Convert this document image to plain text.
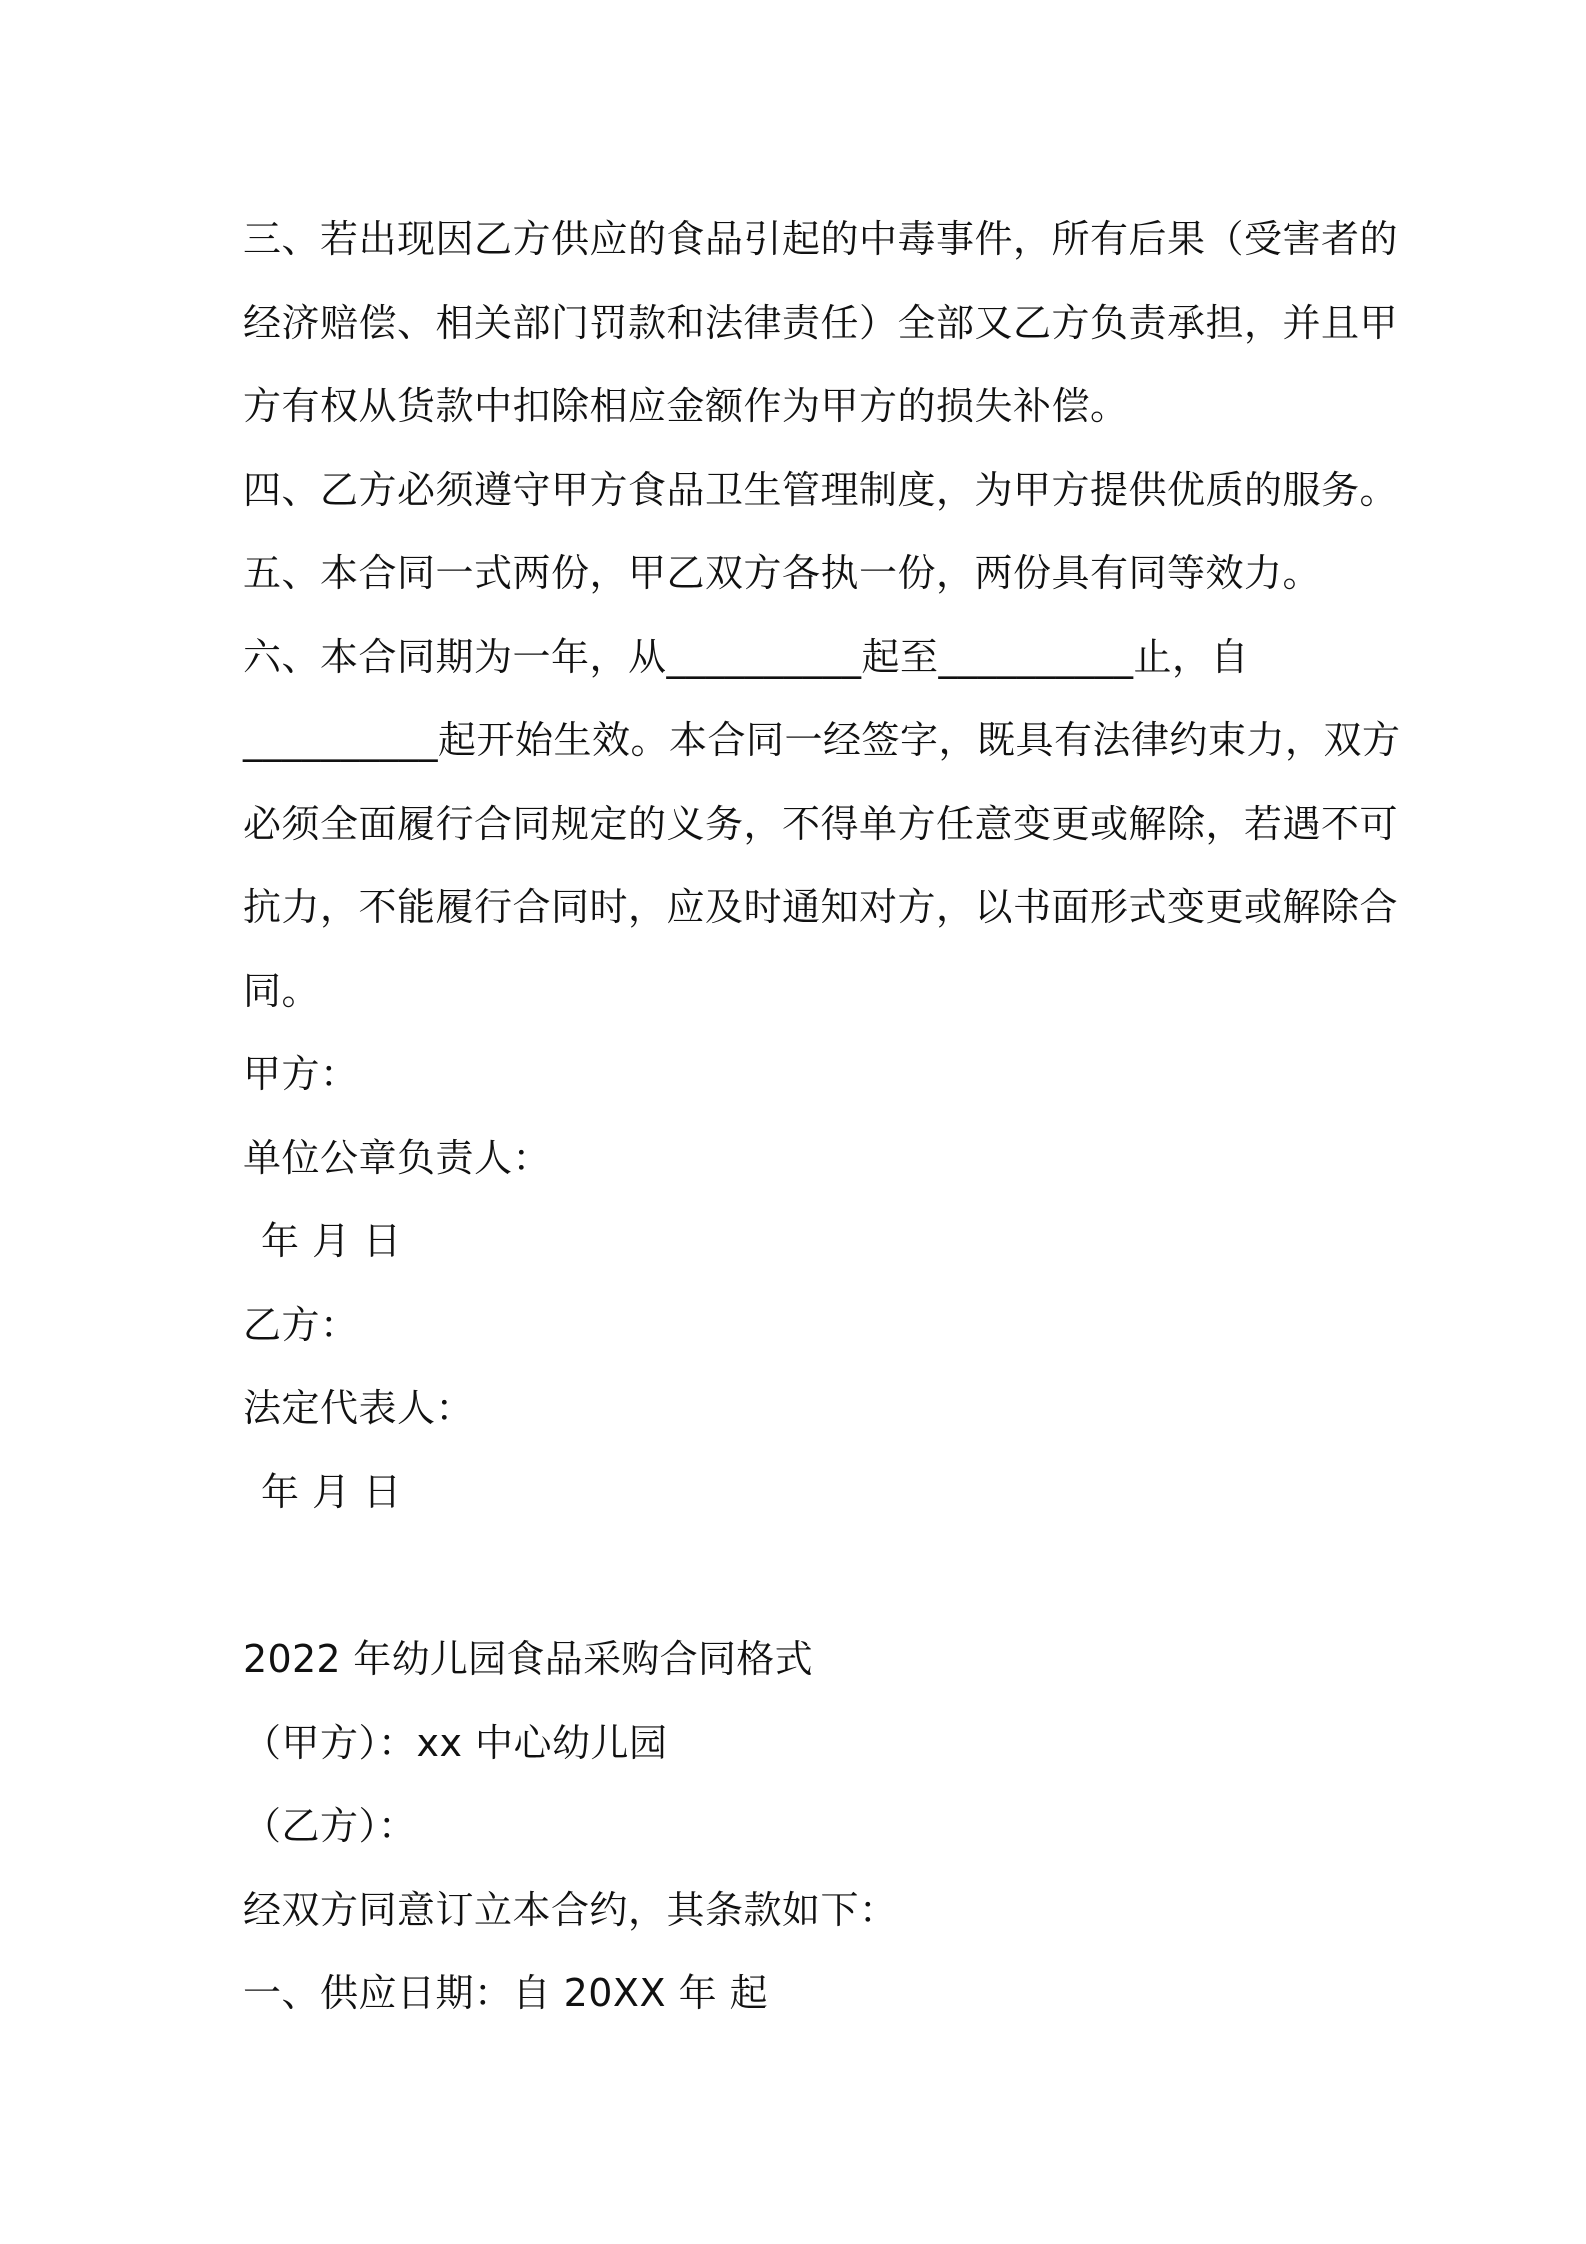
三、若出现因乙方供应的食品引起的中毒事件，所有后果（受害者的
经济赔偿、相关部门罚款和法律责任）全部又乙方负责承担，并且甲
方有权从货款中扣除相应金额作为甲方的损失补偿。
四、乙方必须遵守甲方食品卫生管理制度，为甲方提供优质的服务。
五、本合同一式两份，甲乙双方各执一份，两份具有同等效力。
六、本合同期为一年，从__________起至__________止，自
__________起开始生效。本合同一经签字，既具有法律约束力，双方
必须全面履行合同规定的义务，不得单方任意变更或解除，若遇不可
抗力，不能履行合同时，应及时通知对方，以书面形式变更或解除合
同。
甲方：
单位公章负责人：
年 月 日
乙方：
法定代表人：
年 月 日
2022 年幼儿园食品采购合同格式
（甲方）：xx 中心幼儿园
（乙方）：
经双方同意订立本合约，其条款如下：
一、供应日期：自 20XX 年 起
